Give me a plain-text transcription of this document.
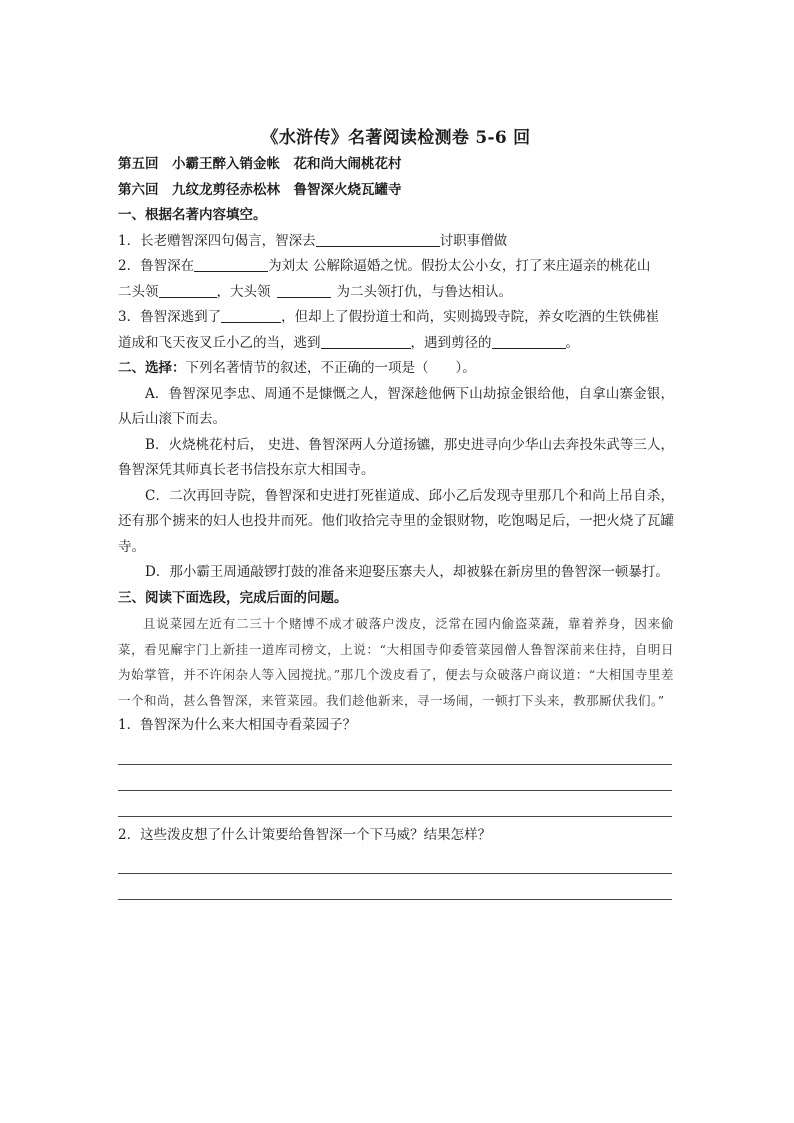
《水浒传》名著阅读检测卷 5-6 回
第五回　小霸王醉入销金帐　花和尚大闹桃花村
第六回　九纹龙剪径赤松林　鲁智深火烧瓦罐寺
一、根据名著内容填空。
1．长老赠智深四句偈言，智深去	讨职事僧做
2．鲁智深在	为刘太 公解除逼婚之忧。假扮太公小女，打了来庄逼亲的桃花山
二头领	，大头领	为二头领打仇，与鲁达相认。
3．鲁智深逃到了	，但却上了假扮道士和尚，实则捣毁寺院，养女吃酒的生铁佛崔
道成和飞天夜叉丘小乙的当，逃到	，遇到剪径的	。
二、选择：下列名著情节的叙述，不正确的一项是（　　）。
A．鲁智深见李忠、周通不是慷慨之人，智深趁他俩下山劫掠金银给他，自拿山寨金银，从后山滚下而去。
B．火烧桃花村后， 史进、鲁智深两人分道扬镳，那史进寻向少华山去奔投朱武等三人，鲁智深凭其师真长老书信投东京大相国寺。
C．二次再回寺院，鲁智深和史进打死崔道成、邱小乙后发现寺里那几个和尚上吊自杀，还有那个掳来的妇人也投井而死。他们收拾完寺里的金银财物，吃饱喝足后，一把火烧了瓦罐寺。
D．那小霸王周通敲锣打鼓的准备来迎娶压寨夫人，却被躲在新房里的鲁智深一顿暴打。
三、阅读下面选段，完成后面的问题。
且说菜园左近有二三十个赌博不成才破落户泼皮，泛常在园内偷盗菜蔬，靠着养身，因来偷菜，看见廨宇门上新挂一道库司榜文，上说：“大相国寺仰委管菜园僧人鲁智深前来住持，自明日为始掌管，并不许闲杂人等入园搅扰。”那几个泼皮看了，便去与众破落户商议道：“大相国寺里差一个和尚，甚么鲁智深，来管菜园。我们趁他新来，寻一场闹，一顿打下头来，教那厮伏我们。”
1．鲁智深为什么来大相国寺看菜园子？
2．这些泼皮想了什么计策要给鲁智深一个下马威？结果怎样？
